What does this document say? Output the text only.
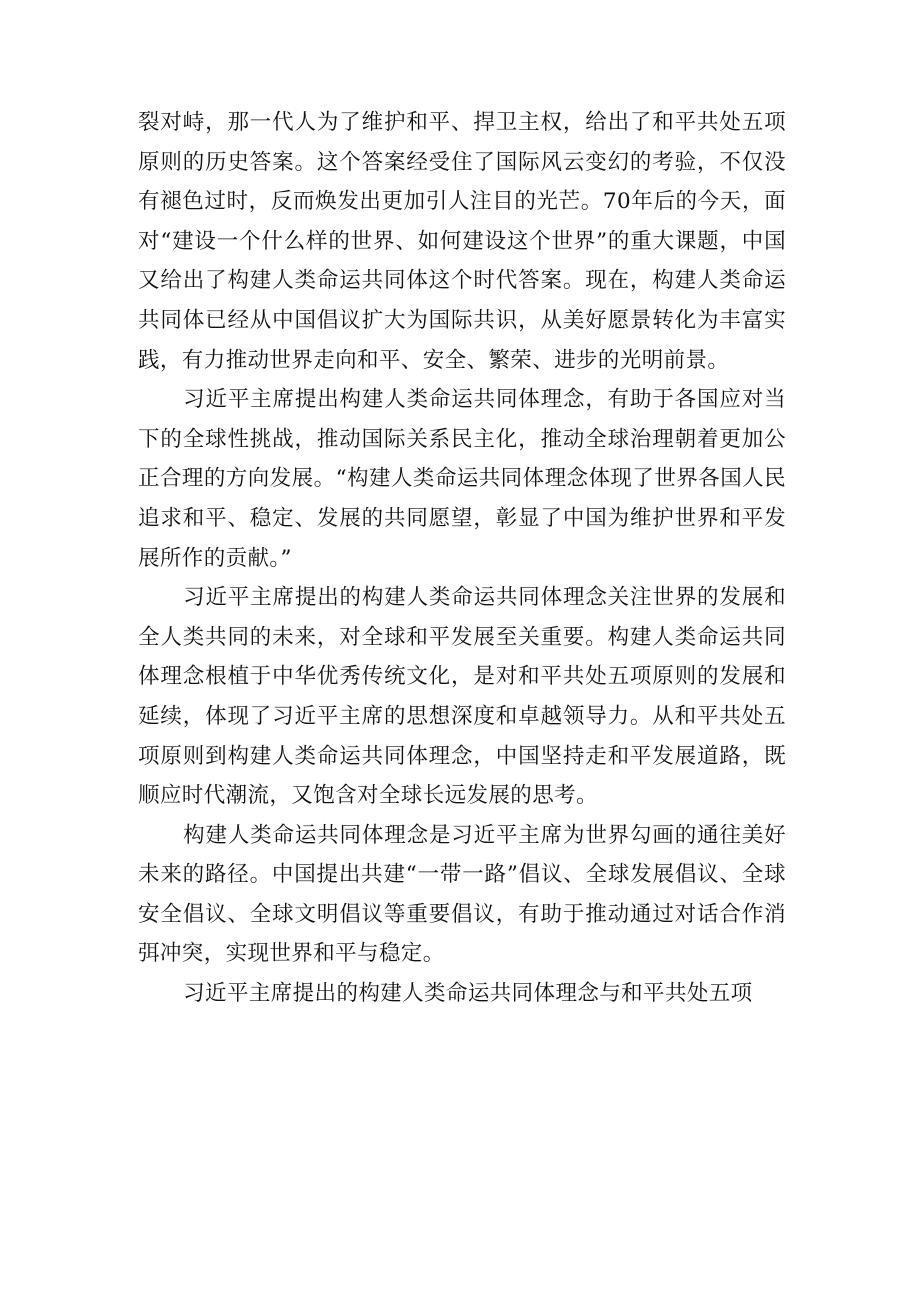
裂对峙，那一代人为了维护和平、捍卫主权，给出了和平共处五项原则的历史答案。这个答案经受住了国际风云变幻的考验，不仅没有褪色过时，反而焕发出更加引人注目的光芒。70年后的今天，面对“建设一个什么样的世界、如何建设这个世界”的重大课题，中国又给出了构建人类命运共同体这个时代答案。现在，构建人类命运共同体已经从中国倡议扩大为国际共识，从美好愿景转化为丰富实践，有力推动世界走向和平、安全、繁荣、进步的光明前景。

习近平主席提出构建人类命运共同体理念，有助于各国应对当下的全球性挑战，推动国际关系民主化，推动全球治理朝着更加公正合理的方向发展。“构建人类命运共同体理念体现了世界各国人民追求和平、稳定、发展的共同愿望，彰显了中国为维护世界和平发展所作的贡献。”

习近平主席提出的构建人类命运共同体理念关注世界的发展和全人类共同的未来，对全球和平发展至关重要。构建人类命运共同体理念根植于中华优秀传统文化，是对和平共处五项原则的发展和延续，体现了习近平主席的思想深度和卓越领导力。从和平共处五项原则到构建人类命运共同体理念，中国坚持走和平发展道路，既顺应时代潮流，又饱含对全球长远发展的思考。

构建人类命运共同体理念是习近平主席为世界勾画的通往美好未来的路径。中国提出共建“一带一路”倡议、全球发展倡议、全球安全倡议、全球文明倡议等重要倡议，有助于推动通过对话合作消弭冲突，实现世界和平与稳定。

习近平主席提出的构建人类命运共同体理念与和平共处五项
